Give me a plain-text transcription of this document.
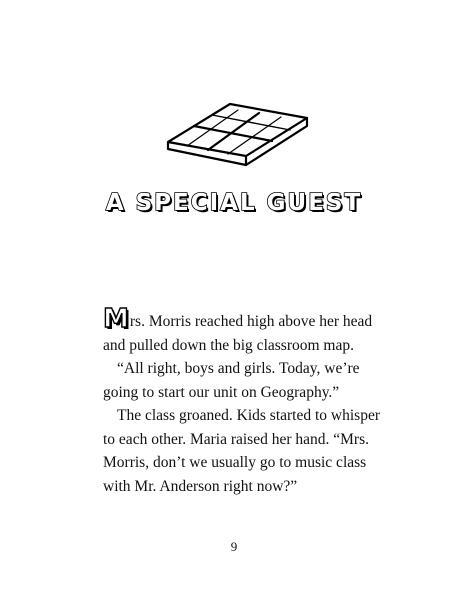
A SPECIAL GUEST

Mrs. Morris reached high above her head and pulled down the big classroom map.

“All right, boys and girls. Today, we’re going to start our unit on Geography.”

The class groaned. Kids started to whisper to each other. Maria raised her hand. “Mrs. Morris, don’t we usually go to music class with Mr. Anderson right now?”

9
